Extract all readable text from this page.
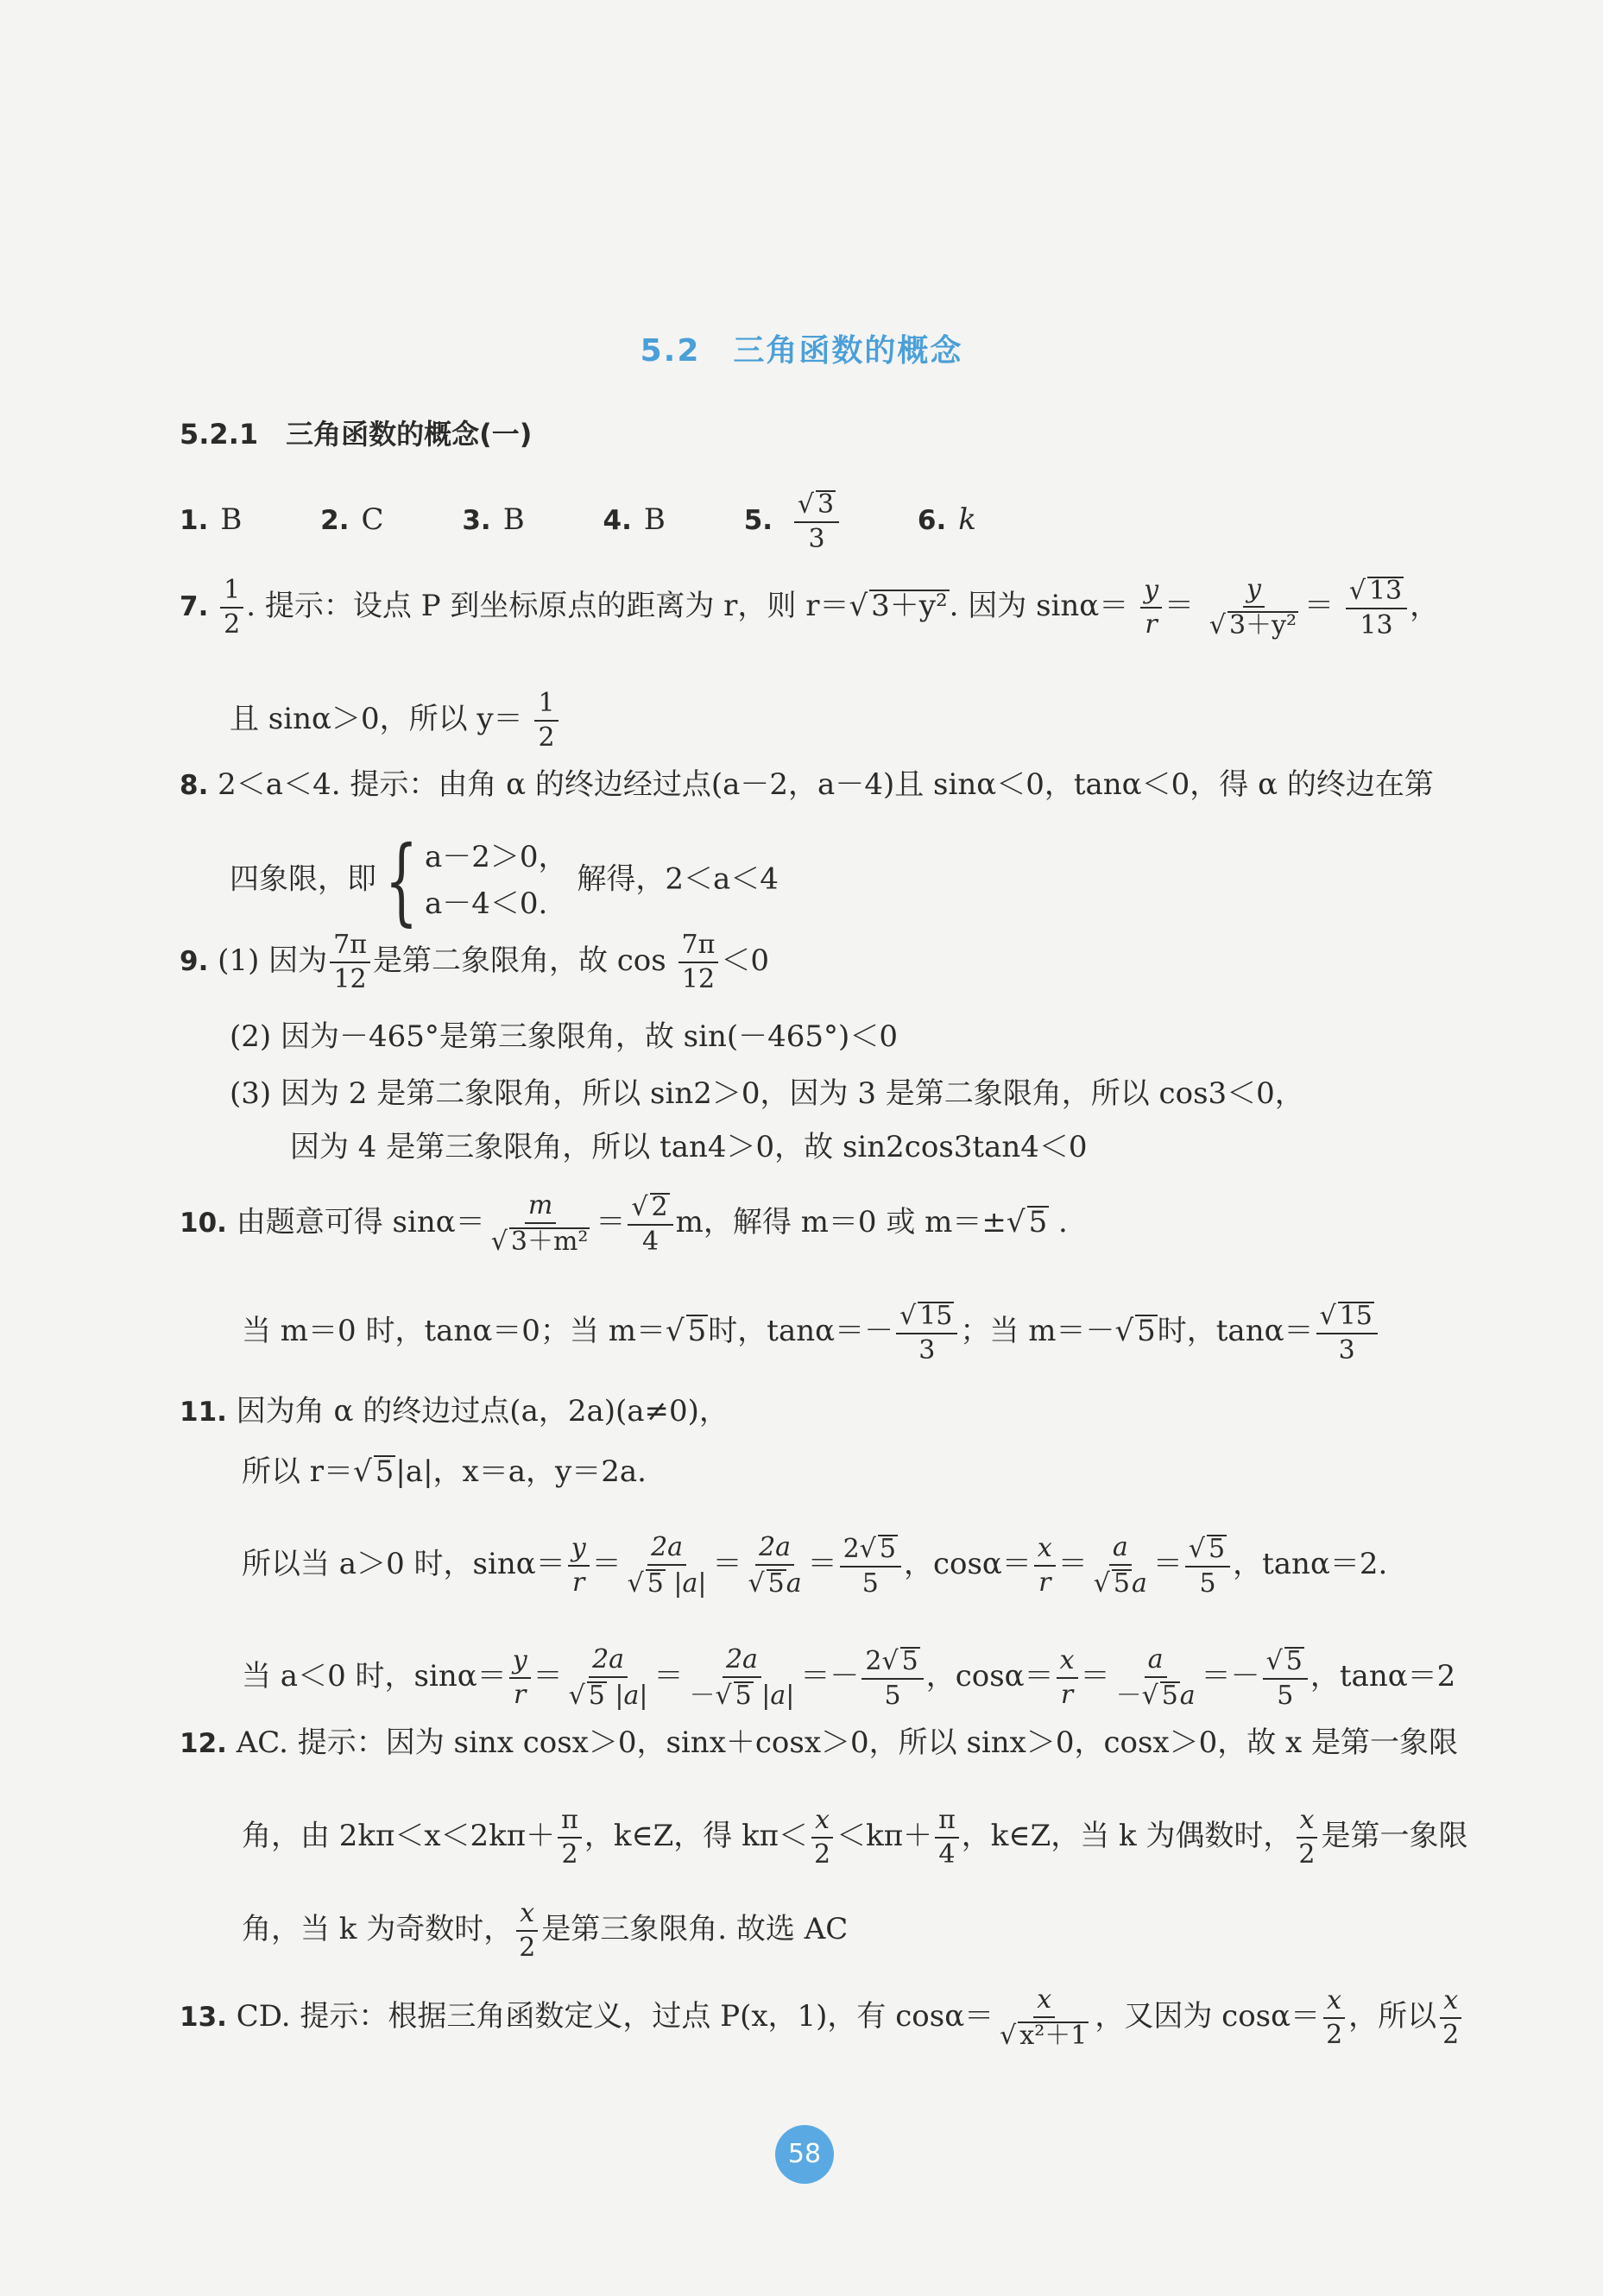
5.2　三角函数的概念
5.2.1　三角函数的概念(一)
1. B	2. C	3. B	4. B	5. $\frac{√ 3}{3}$	6. k
7. $\frac{1}{2}$ . 提示：设点 P 到坐标原点的距离为 r，则 r＝√ 3＋y². 因为 $\sin\alpha= \frac{y}{r} = \frac{y}{\text{√ 3＋y²}} = \frac{√ 13}{13}$ ，
且 sinα＞0，所以 $y= \frac{1}{2}$
8. 2＜a＜4. 提示：由角 α 的终边经过点(a－2，a－4)且 sinα＜0，tanα＜0，得 α 的终边在第
四象限，即{ a－2＞0，
a－4＜0. 解得，2＜a＜4
9. (1) 因为 $\frac{7\pi}{12}$ 是第二象限角，故 $\cos \frac{7\pi}{12} <0$
(2) 因为－465°是第三象限角，故 sin(－465°)＜0
(3) 因为 2 是第二象限角，所以 sin2＞0，因为 3 是第二象限角，所以 cos3＜0，
因为 4 是第三象限角，所以 tan4＞0，故 sin2cos3tan4＜0
10. 由题意可得 $\sin\alpha= \frac{m}{\text{√ 3＋m²}} = \frac{√ 2}{4}$ m，解得 m＝0 或 m＝±√ 5 .
当 m＝0 时，tanα＝0；当 m＝√ 5时，$\tan\alpha=- \frac{√ 15}{3}$ ；当 m＝－√ 5时，$\tan\alpha= \frac{√ 15}{3}$
11. 因为角 α 的终边过点(a，2a)(a≠0)，
所以 r＝√ 5|a|，x＝a，y＝2a.
所以当 a＞0 时，$\sin\alpha= \frac{y}{r} = \frac{2a}{√ 5 |a|} = \frac{2a}{√ 5a} = \frac{2√ 5}{5}$ ，$\cos\alpha= \frac{x}{r} = \frac{a}{√ 5a} = \frac{√ 5}{5}$ ，tanα＝2.
当 a＜0 时，$\sin\alpha= \frac{y}{r} = \frac{2a}{√ 5 |a|} = \frac{2a}{-√ 5 |a|} =- \frac{2√ 5}{5}$ ，$\cos\alpha= \frac{x}{r} = \frac{a}{-√ 5a} =- \frac{√ 5}{5}$ ，tanα＝2
12. AC. 提示：因为 sinx cosx＞0，sinx＋cosx＞0，所以 sinx＞0，cosx＞0，故 x 是第一象限
角，由 $2k\pi<x<2k\pi+ \frac{\pi}{2}$ ，k∈Z，得 $k\pi< \frac{x}{2} <k\pi+ \frac{\pi}{4}$ ，k∈Z，当 k 为偶数时， $\frac{x}{2}$ 是第一象限
角，当 k 为奇数时， $\frac{x}{2}$ 是第三象限角. 故选 AC
13. CD. 提示：根据三角函数定义，过点 P(x，1)，有 $\cos\alpha= \frac{x}{\text{√ x²＋1}}$ ，又因为 $\cos\alpha= \frac{x}{2}$ ，所以 $\frac{x}{2}$
58
